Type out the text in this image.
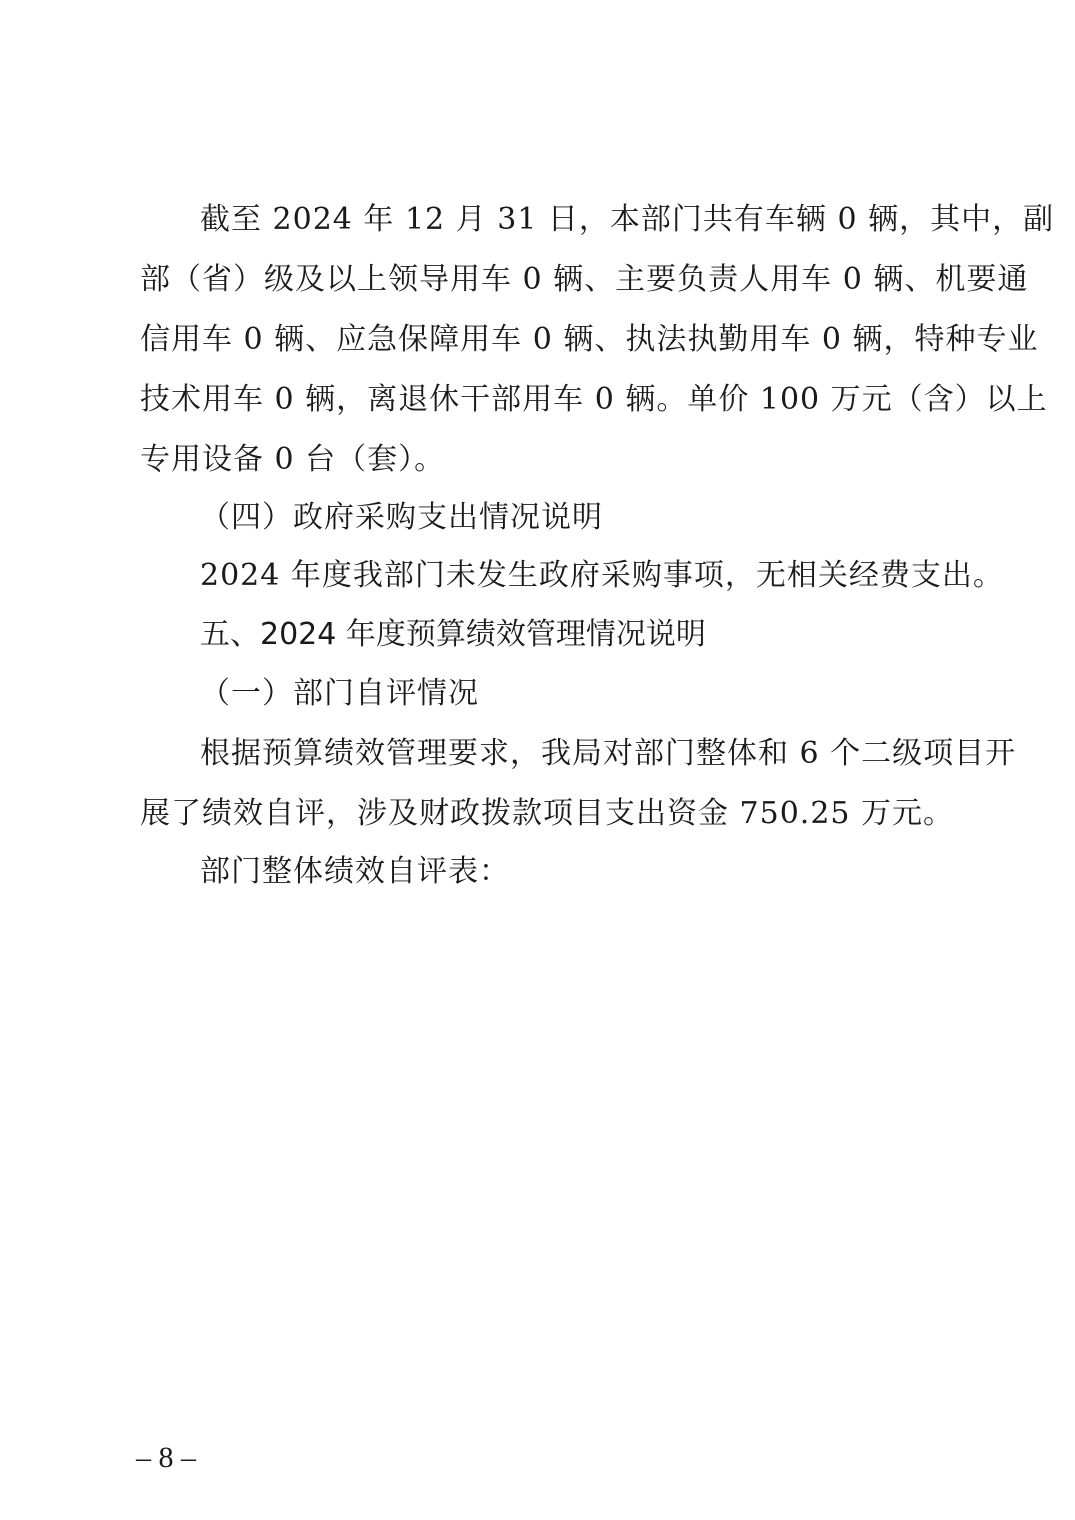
截至 2024 年 12 月 31 日，本部门共有车辆 0 辆，其中，副
部（省）级及以上领导用车 0 辆、主要负责人用车 0 辆、机要通
信用车 0 辆、应急保障用车 0 辆、执法执勤用车 0 辆，特种专业
技术用车 0 辆，离退休干部用车 0 辆。单价 100 万元（含）以上
专用设备 0 台（套）。
（四）政府采购支出情况说明
2024 年度我部门未发生政府采购事项，无相关经费支出。
五、2024 年度预算绩效管理情况说明
（一）部门自评情况
根据预算绩效管理要求，我局对部门整体和 6 个二级项目开
展了绩效自评，涉及财政拨款项目支出资金 750.25 万元。
部门整体绩效自评表：
– 8 –
